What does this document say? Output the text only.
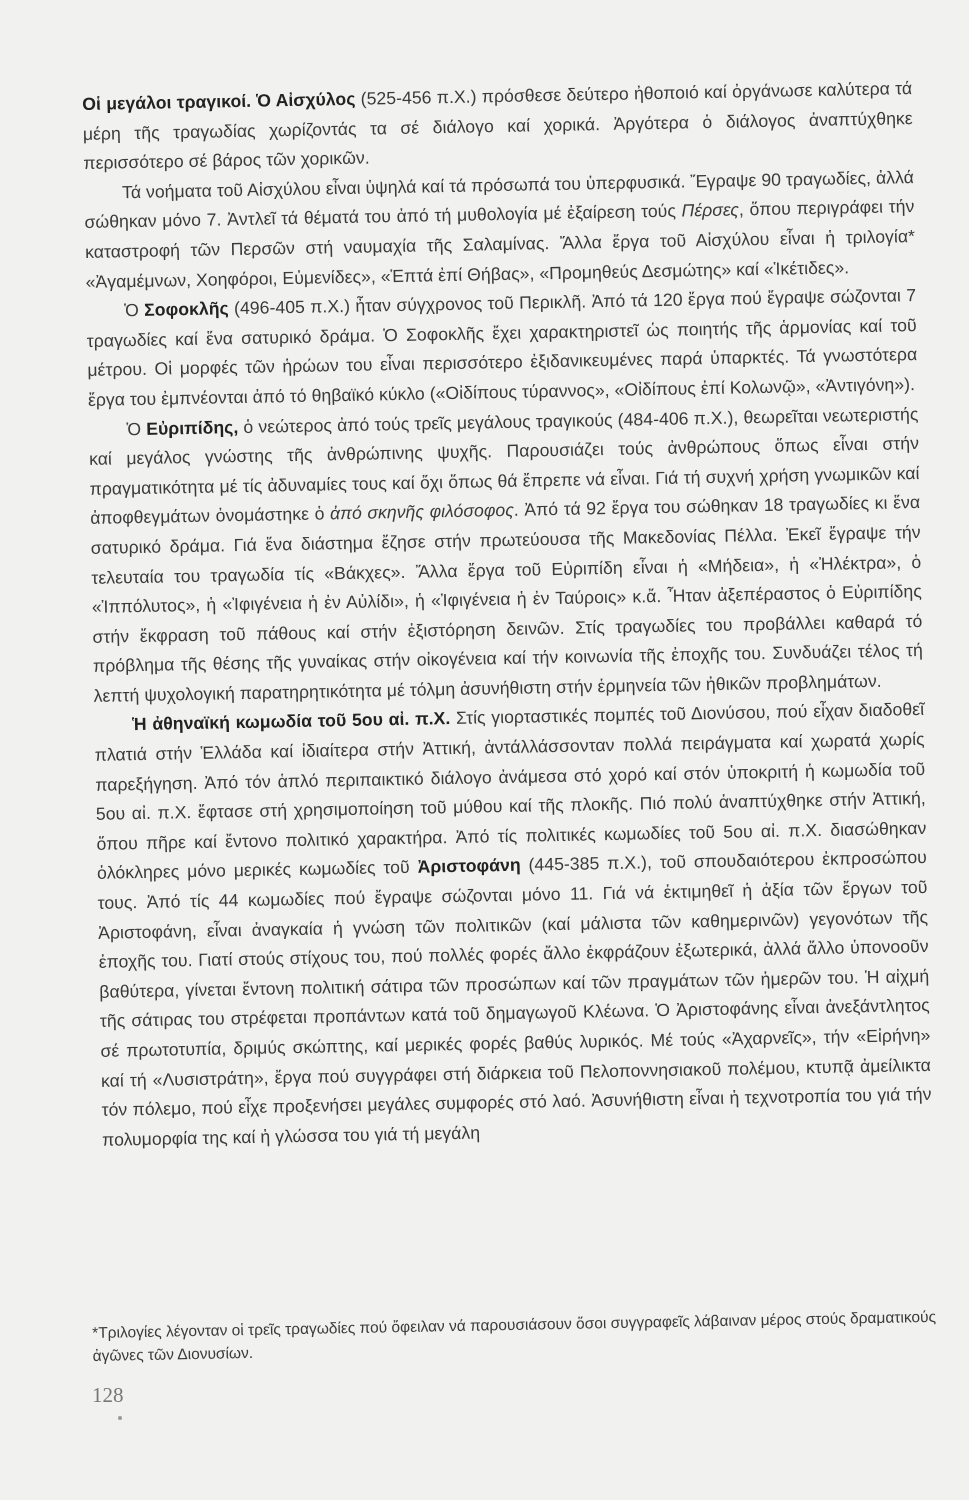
Οἱ μεγάλοι τραγικοί. Ὁ Αἰσχύλος (525-456 π.Χ.) πρόσθεσε δεύτερο ἠθοποιό καί ὀργάνωσε καλύτερα τά μέρη τῆς τραγωδίας χωρίζοντάς τα σέ διάλογο καί χορικά. Ἀργότερα ὁ διάλογος ἀναπτύχθηκε περισσότερο σέ βάρος τῶν χορικῶν.

Τά νοήματα τοῦ Αἰσχύλου εἶναι ὑψηλά καί τά πρόσωπά του ὑπερφυσικά. Ἔγραψε 90 τραγωδίες, ἀλλά σώθηκαν μόνο 7. Ἀντλεῖ τά θέματά του ἀπό τή μυθολογία μέ ἐξαίρεση τούς Πέρσες, ὅπου περιγράφει τήν καταστροφή τῶν Περσῶν στή ναυμαχία τῆς Σαλαμίνας. Ἄλλα ἔργα τοῦ Αἰσχύλου εἶναι ἡ τριλογία* «Ἀγαμέμνων, Χοηφόροι, Εὐμενίδες», «Ἑπτά ἐπί Θήβας», «Προμηθεύς Δεσμώτης» καί «Ἱκέτιδες».

Ὁ Σοφοκλῆς (496-405 π.Χ.) ἦταν σύγχρονος τοῦ Περικλῆ. Ἀπό τά 120 ἔργα πού ἔγραψε σώζονται 7 τραγωδίες καί ἕνα σατυρικό δράμα. Ὁ Σοφοκλῆς ἔχει χαρακτηριστεῖ ὡς ποιητής τῆς ἁρμονίας καί τοῦ μέτρου. Οἱ μορφές τῶν ἡρώων του εἶναι περισσότερο ἐξιδανικευμένες παρά ὑπαρκτές. Τά γνωστότερα ἔργα του ἐμπνέονται ἀπό τό θηβαϊκό κύκλο («Οἰδίπους τύραννος», «Οἰδίπους ἐπί Κολωνῷ», «Ἀντιγόνη»).

Ὁ Εὐριπίδης, ὁ νεώτερος ἀπό τούς τρεῖς μεγάλους τραγικούς (484-406 π.Χ.), θεωρεῖται νεωτεριστής καί μεγάλος γνώστης τῆς ἀνθρώπινης ψυχῆς. Παρουσιάζει τούς ἀνθρώπους ὅπως εἶναι στήν πραγματικότητα μέ τίς ἀδυναμίες τους καί ὄχι ὅπως θά ἔπρεπε νά εἶναι. Γιά τή συχνή χρήση γνωμικῶν καί ἀποφθεγμάτων ὀνομάστηκε ὁ ἀπό σκηνῆς φιλόσοφος. Ἀπό τά 92 ἔργα του σώθηκαν 18 τραγωδίες κι ἕνα σατυρικό δράμα. Γιά ἕνα διάστημα ἔζησε στήν πρωτεύουσα τῆς Μακεδονίας Πέλλα. Ἐκεῖ ἔγραψε τήν τελευταία του τραγωδία τίς «Βάκχες». Ἄλλα ἔργα τοῦ Εὐριπίδη εἶναι ἡ «Μήδεια», ἡ «Ἠλέκτρα», ὁ «Ἱππόλυτος», ἡ «Ἰφιγένεια ἡ ἐν Αὐλίδι», ἡ «Ἰφιγένεια ἡ ἐν Ταύροις» κ.ἄ. Ἦταν ἀξεπέραστος ὁ Εὐριπίδης στήν ἔκφραση τοῦ πάθους καί στήν ἐξιστόρηση δεινῶν. Στίς τραγωδίες του προβάλλει καθαρά τό πρόβλημα τῆς θέσης τῆς γυναίκας στήν οἰκογένεια καί τήν κοινωνία τῆς ἐποχῆς του. Συνδυάζει τέλος τή λεπτή ψυχολογική παρατηρητικότητα μέ τόλμη ἀσυνήθιστη στήν ἑρμηνεία τῶν ἠθικῶν προβλημάτων.

Ἡ ἀθηναϊκή κωμωδία τοῦ 5ου αἰ. π.Χ. Στίς γιορταστικές πομπές τοῦ Διονύσου, πού εἶχαν διαδοθεῖ πλατιά στήν Ἑλλάδα καί ἰδιαίτερα στήν Ἀττική, ἀντάλλάσσονταν πολλά πειράγματα καί χωρατά χωρίς παρεξήγηση. Ἀπό τόν ἁπλό περιπαικτικό διάλογο ἀνάμεσα στό χορό καί στόν ὑποκριτή ἡ κωμωδία τοῦ 5ου αἰ. π.Χ. ἔφτασε στή χρησιμοποίηση τοῦ μύθου καί τῆς πλοκῆς. Πιό πολύ ἀναπτύχθηκε στήν Ἀττική, ὅπου πῆρε καί ἔντονο πολιτικό χαρακτήρα. Ἀπό τίς πολιτικές κωμωδίες τοῦ 5ου αἰ. π.Χ. διασώθηκαν ὁλόκληρες μόνο μερικές κωμωδίες τοῦ Ἀριστοφάνη (445-385 π.Χ.), τοῦ σπουδαιότερου ἐκπροσώπου τους. Ἀπό τίς 44 κωμωδίες πού ἔγραψε σώζονται μόνο 11. Γιά νά ἐκτιμηθεῖ ἡ ἀξία τῶν ἔργων τοῦ Ἀριστοφάνη, εἶναι ἀναγκαία ἡ γνώση τῶν πολιτικῶν (καί μάλιστα τῶν καθημερινῶν) γεγονότων τῆς ἐποχῆς του. Γιατί στούς στίχους του, πού πολλές φορές ἄλλο ἐκφράζουν ἐξωτερικά, ἀλλά ἄλλο ὑπονοοῦν βαθύτερα, γίνεται ἔντονη πολιτική σάτιρα τῶν προσώπων καί τῶν πραγμάτων τῶν ἡμερῶν του. Ἡ αἰχμή τῆς σάτιρας του στρέφεται προπάντων κατά τοῦ δημαγωγοῦ Κλέωνα. Ὁ Ἀριστοφάνης εἶναι ἀνεξάντλητος σέ πρωτοτυπία, δριμύς σκώπτης, καί μερικές φορές βαθύς λυρικός. Μέ τούς «Ἀχαρνεῖς», τήν «Εἰρήνη» καί τή «Λυσιστράτη», ἔργα πού συγγράφει στή διάρκεια τοῦ Πελοποννησιακοῦ πολέμου, κτυπᾷ ἀμείλικτα τόν πόλεμο, πού εἶχε προξενήσει μεγάλες συμφορές στό λαό. Ἀσυνήθιστη εἶναι ἡ τεχνοτροπία του γιά τήν πολυμορφία της καί ἡ γλώσσα του γιά τή μεγάλη

*Τριλογίες λέγονταν οἱ τρεῖς τραγωδίες πού ὄφειλαν νά παρουσιάσουν ὅσοι συγγραφεῖς λάβαιναν μέρος στούς δραματικούς ἀγῶνες τῶν Διονυσίων.
128
